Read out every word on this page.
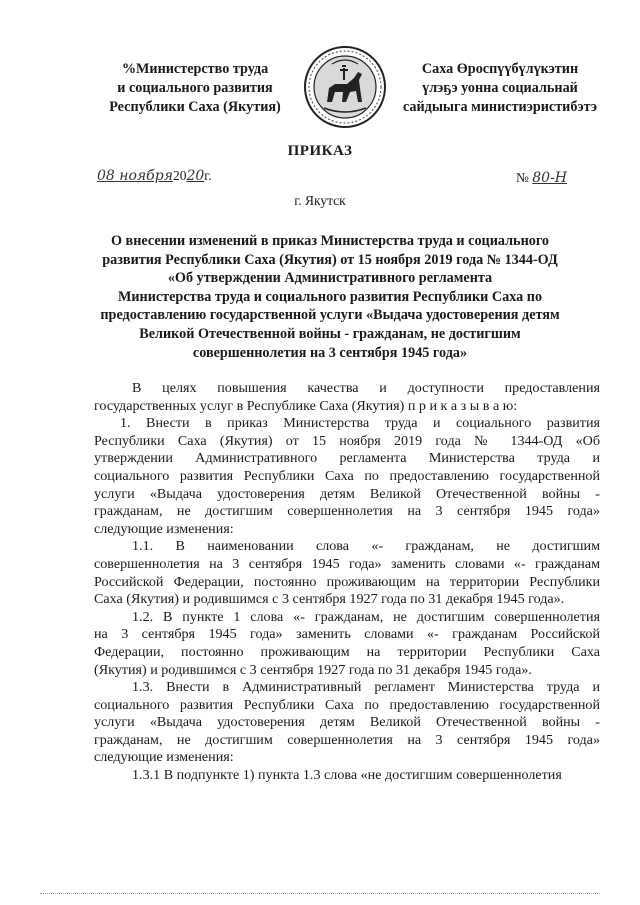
%Министерство труда
и социального развития
Республики Саха (Якутия)
Саха Өроспүүбүлүкэтин
үлэҕэ уонна социальнай
сайдыыга министиэристибэтэ
ПРИКАЗ
08 ноября2020г.	№ 80-Н
г. Якутск
О внесении изменений в приказ Министерства труда и социального
развития Республики Саха (Якутия) от 15 ноября 2019 года № 1344-ОД
«Об утверждении Административного регламента
Министерства труда и социального развития Республики Саха по
предоставлению государственной услуги «Выдача удостоверения детям
Великой Отечественной войны - гражданам, не достигшим
совершеннолетия на 3 сентября 1945 года»
В целях повышения качества и доступности предоставления
государственных услуг в Республике Саха (Якутия) п р и к а з ы в а ю:
1. Внести в приказ Министерства труда и социального развития
Республики Саха (Якутия) от 15 ноября 2019 года № 1344-ОД «Об
утверждении Административного регламента Министерства труда и
социального развития Республики Саха по предоставлению государственной
услуги «Выдача удостоверения детям Великой Отечественной войны -
гражданам, не достигшим совершеннолетия на 3 сентября 1945 года»
следующие изменения:
1.1. В наименовании слова «- гражданам, не достигшим
совершеннолетия на 3 сентября 1945 года» заменить словами «- гражданам
Российской Федерации, постоянно проживающим на территории Республики
Саха (Якутия) и родившимся с 3 сентября 1927 года по 31 декабря 1945 года».
1.2. В пункте 1 слова «- гражданам, не достигшим совершеннолетия
на 3 сентября 1945 года» заменить словами «- гражданам Российской
Федерации, постоянно проживающим на территории Республики Саха
(Якутия) и родившимся с 3 сентября 1927 года по 31 декабря 1945 года».
1.3. Внести в Административный регламент Министерства труда и
социального развития Республики Саха по предоставлению государственной
услуги «Выдача удостоверения детям Великой Отечественной войны -
гражданам, не достигшим совершеннолетия на 3 сентября 1945 года»
следующие изменения:
1.3.1 В подпункте 1) пункта 1.3 слова «не достигшим совершеннолетия
